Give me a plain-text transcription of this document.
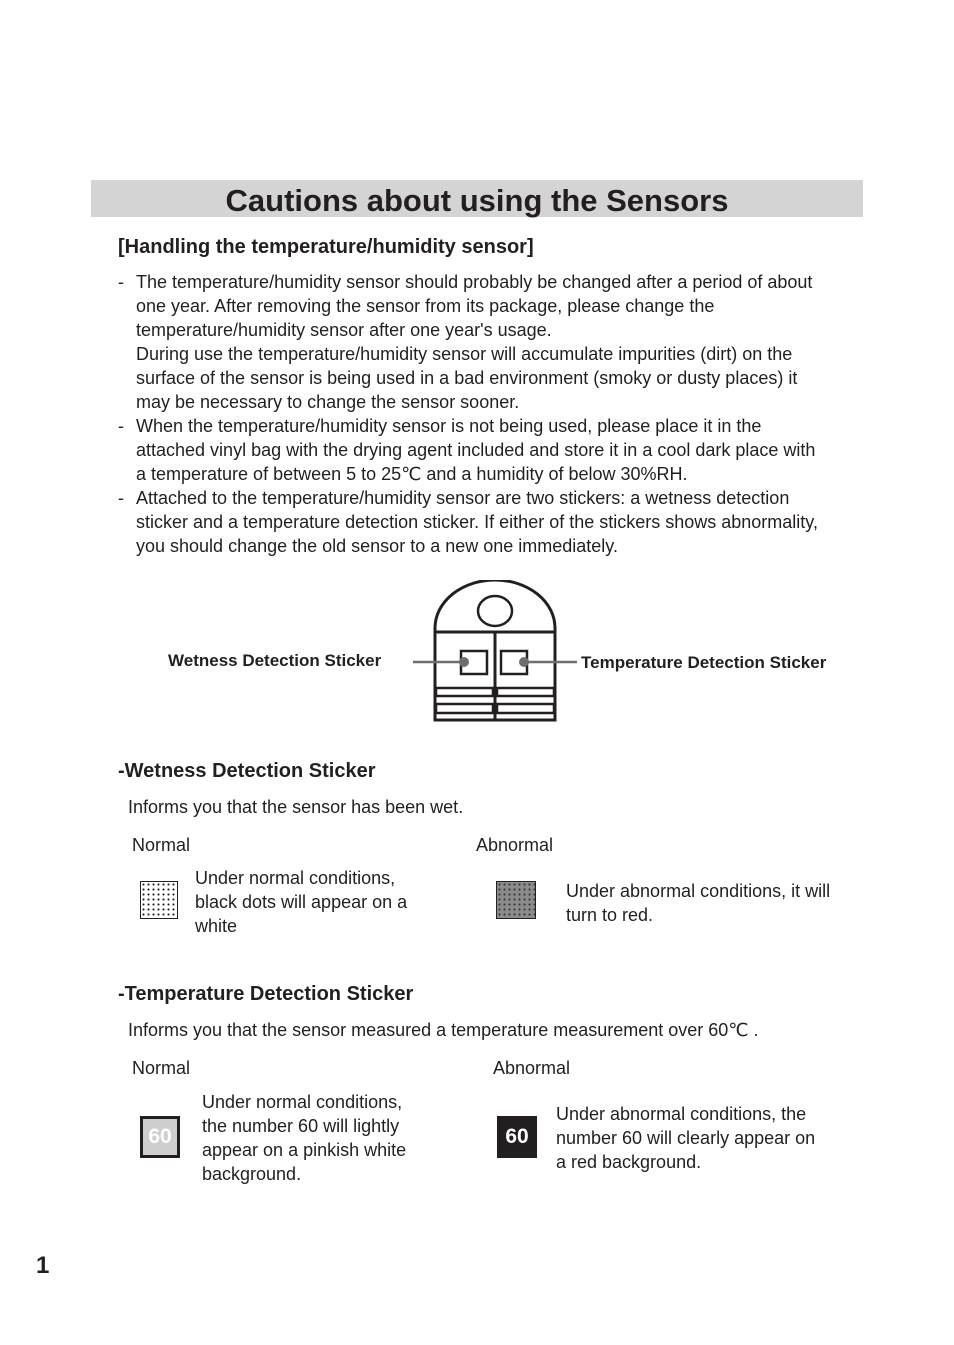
Cautions about using the Sensors
[Handling the temperature/humidity sensor]
- The temperature/humidity sensor should probably be changed after a period of about
one year. After removing the sensor from its package, please change the
temperature/humidity sensor after one year's usage.
During use the temperature/humidity sensor will accumulate impurities (dirt) on the
surface of the sensor is being used in a bad environment (smoky or dusty places) it
may be necessary to change the sensor sooner.
- When the temperature/humidity sensor is not being used, please place it in the
attached vinyl bag with the drying agent included and store it in a cool dark place with
a temperature of between 5 to 25℃ and a humidity of below 30%RH.
- Attached to the temperature/humidity sensor are two stickers: a wetness detection
sticker and a temperature detection sticker. If either of the stickers shows abnormality,
you should change the old sensor to a new one immediately.
Wetness Detection Sticker	Temperature Detection Sticker
-Wetness Detection Sticker
Informs you that the sensor has been wet.
Normal	Abnormal
Under normal conditions,
black dots will appear on a
white
Under abnormal conditions, it will
turn to red.
-Temperature Detection Sticker
Informs you that the sensor measured a temperature measurement over 60℃ .
Normal	Abnormal
60
Under normal conditions,
the number 60 will lightly
appear on a pinkish white
background.
60
Under abnormal conditions, the
number 60 will clearly appear on
a red background.
1
